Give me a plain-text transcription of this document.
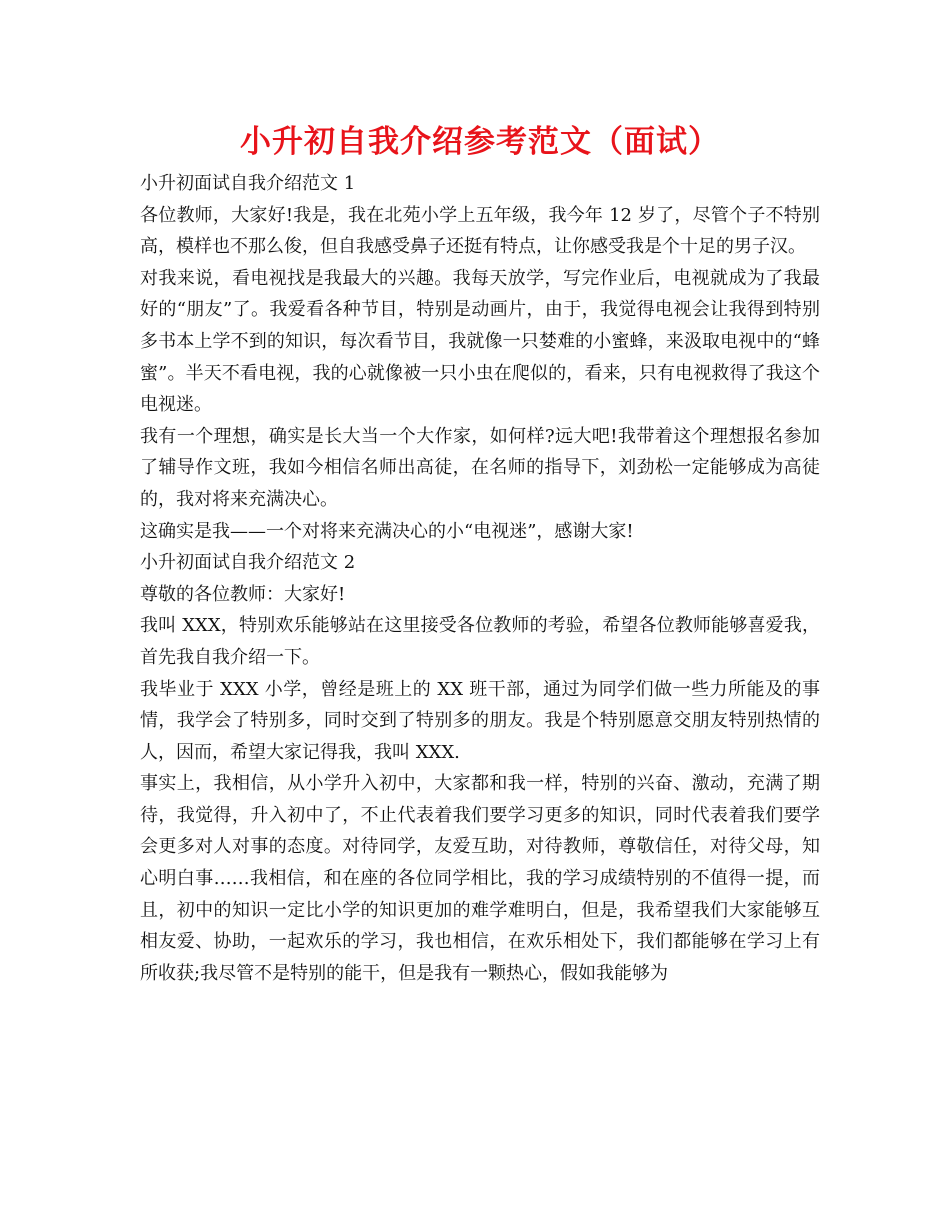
小升初自我介绍参考范文（面试）

小升初面试自我介绍范文 1

各位教师，大家好!我是，我在北苑小学上五年级，我今年 12 岁了，尽管个子不特别高，模样也不那么俊，但自我感受鼻子还挺有特点，让你感受我是个十足的男子汉。

对我来说，看电视找是我最大的兴趣。我每天放学，写完作业后，电视就成为了我最好的“朋友”了。我爱看各种节目，特别是动画片，由于，我觉得电视会让我得到特别多书本上学不到的知识，每次看节目，我就像一只婪难的小蜜蜂，来汲取电视中的“蜂蜜”。半天不看电视，我的心就像被一只小虫在爬似的，看来，只有电视救得了我这个电视迷。

我有一个理想，确实是长大当一个大作家，如何样?远大吧!我带着这个理想报名参加了辅导作文班，我如今相信名师出高徒，在名师的指导下，刘劲松一定能够成为高徒的，我对将来充满决心。

这确实是我——一个对将来充满决心的小“电视迷”，感谢大家!

小升初面试自我介绍范文 2

尊敬的各位教师：大家好!

我叫 XXX，特别欢乐能够站在这里接受各位教师的考验，希望各位教师能够喜爱我，首先我自我介绍一下。

我毕业于 XXX 小学，曾经是班上的 XX 班干部，通过为同学们做一些力所能及的事情，我学会了特别多，同时交到了特别多的朋友。我是个特别愿意交朋友特别热情的人，因而，希望大家记得我，我叫 XXX.

事实上，我相信，从小学升入初中，大家都和我一样，特别的兴奋、激动，充满了期待，我觉得，升入初中了，不止代表着我们要学习更多的知识，同时代表着我们要学会更多对人对事的态度。对待同学，友爱互助，对待教师，尊敬信任，对待父母，知心明白事……我相信，和在座的各位同学相比，我的学习成绩特别的不值得一提，而且，初中的知识一定比小学的知识更加的难学难明白，但是，我希望我们大家能够互相友爱、协助，一起欢乐的学习，我也相信，在欢乐相处下，我们都能够在学习上有所收获;我尽管不是特别的能干，但是我有一颗热心，假如我能够为
